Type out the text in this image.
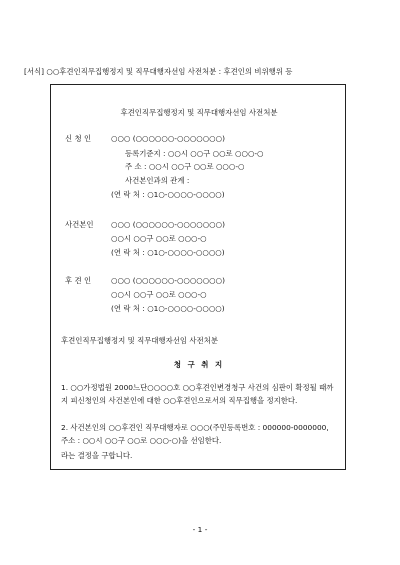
[서식] ○○후견인직무집행정지 및 직무대행자선임 사전처분 : 후견인의 비위행위 등
후견인직무집행정지 및 직무대행자선임 사전처분
신 청 인	○○○ (○○○○○○-○○○○○○○)
등록기준지 : ○○시 ○○구 ○○로 ○○○-○
주 소 : ○○시 ○○구 ○○로 ○○○-○
사건본인과의 관계 :
(연 락 처 : ○1○-○○○○-○○○○)
사건본인 ○○○ (○○○○○○-○○○○○○○)
○○시 ○○구 ○○로 ○○○-○
(연 락 처 : ○1○-○○○○-○○○○)
후 견 인	○○○ (○○○○○○-○○○○○○○)
○○시 ○○구 ○○로 ○○○-○
(연 락 처 : ○1○-○○○○-○○○○)
후견인직무집행정지 및 직무대행자선임 사전처분
청 구 취 지
1. ○○가정법원 2000느단○○○○호 ○○후견인변경청구 사건의 심판이 확정될 때까지 피신청인의 사건본인에 대한 ○○후견인으로서의 직무집행을 정지한다.
2. 사건본인의 ○○후견인 직무대행자로 ○○○(주민등록번호 : 000000-0000000, 주소 : ○○시 ○○구 ○○로 ○○○-○)을 선임한다.
라는 결정을 구합니다.
- 1 -
